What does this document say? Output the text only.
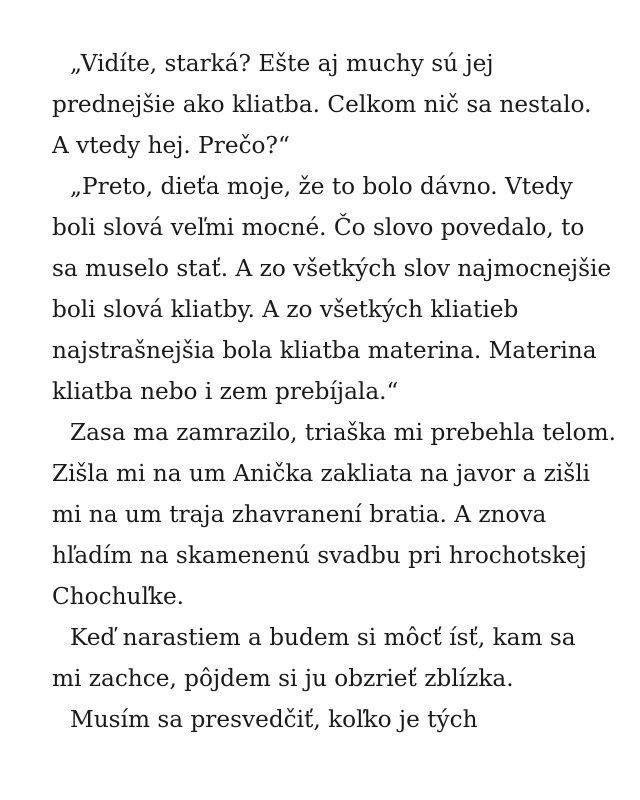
„Vidíte, starká? Ešte aj muchy sú jej
prednejšie ako kliatba. Celkom nič sa nestalo.
A vtedy hej. Prečo?“
„Preto, dieťa moje, že to bolo dávno. Vtedy
boli slová veľmi mocné. Čo slovo povedalo, to
sa muselo stať. A zo všetkých slov najmocnejšie
boli slová kliatby. A zo všetkých kliatieb
najstrašnejšia bola kliatba materina. Materina
kliatba nebo i zem prebíjala.“
Zasa ma zamrazilo, triaška mi prebehla telom.
Zišla mi na um Anička zakliata na javor a zišli
mi na um traja zhavranení bratia. A znova
hľadím na skamenenú svadbu pri hrochotskej
Chochuľke.
Keď narastiem a budem si môcť ísť, kam sa
mi zachce, pôjdem si ju obzrieť zblízka.
Musím sa presvedčiť, koľko je tých
